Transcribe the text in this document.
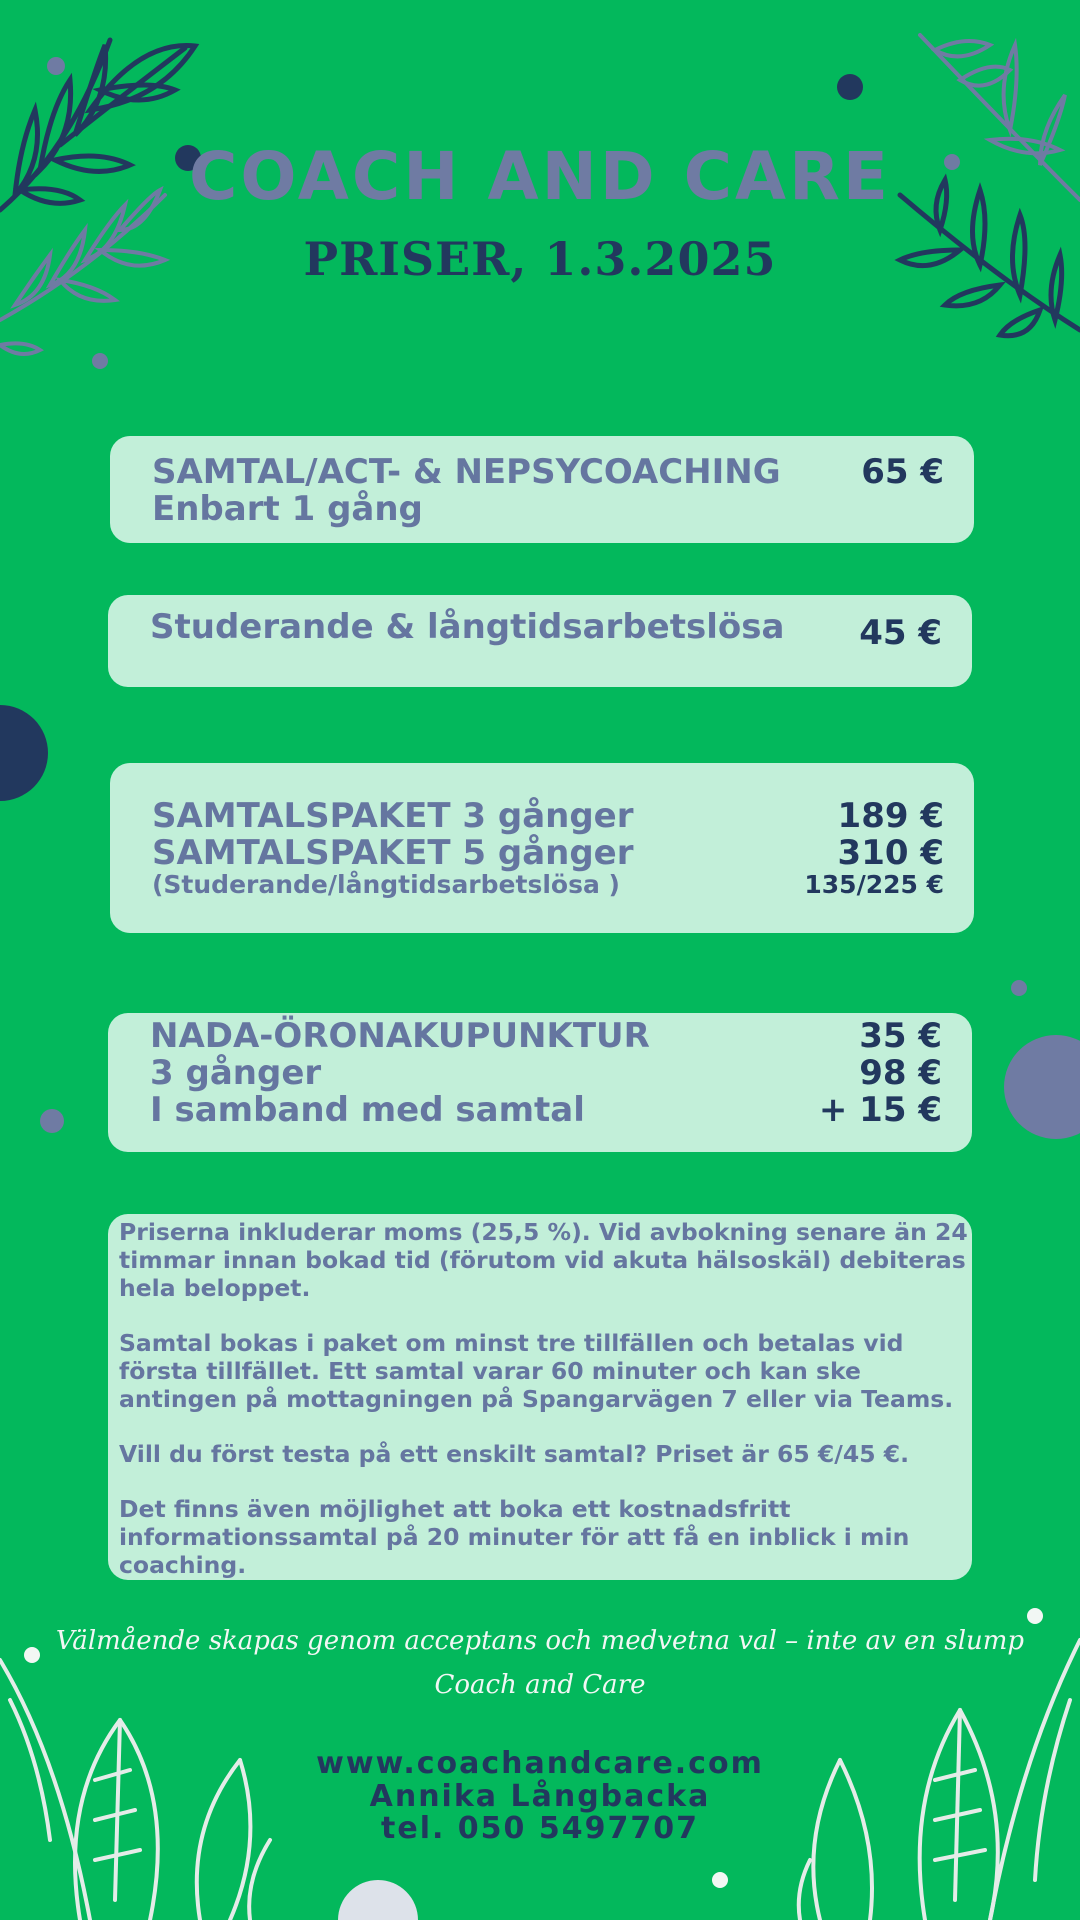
COACH AND CARE
PRISER, 1.3.2025
SAMTAL/ACT- & NEPSYCOACHING 65 €
Enbart 1 gång
Studerande & långtidsarbetslösa 45 €
SAMTALSPAKET 3 gånger	189 €
SAMTALSPAKET 5 gånger	310 €
(Studerande/långtidsarbetslösa )	135/225 €
NADA-ÖRONAKUPUNKTUR	35 €
3 gånger	98 €
I samband med samtal	+ 15 €

Priserna inkluderar moms (25,5 %). Vid avbokning senare än 24 timmar innan bokad tid (förutom vid akuta hälsoskäl) debiteras hela beloppet.

Samtal bokas i paket om minst tre tillfällen och betalas vid första tillfället. Ett samtal varar 60 minuter och kan ske antingen på mottagningen på Spangarvägen 7 eller via Teams.

Vill du först testa på ett enskilt samtal? Priset är 65 €/45 €.

Det finns även möjlighet att boka ett kostnadsfritt informationssamtal på 20 minuter för att få en inblick i min coaching.

Välmående skapas genom acceptans och medvetna val – inte av en slump
Coach and Care
www.coachandcare.com
Annika Långbacka
tel. 050 5497707
